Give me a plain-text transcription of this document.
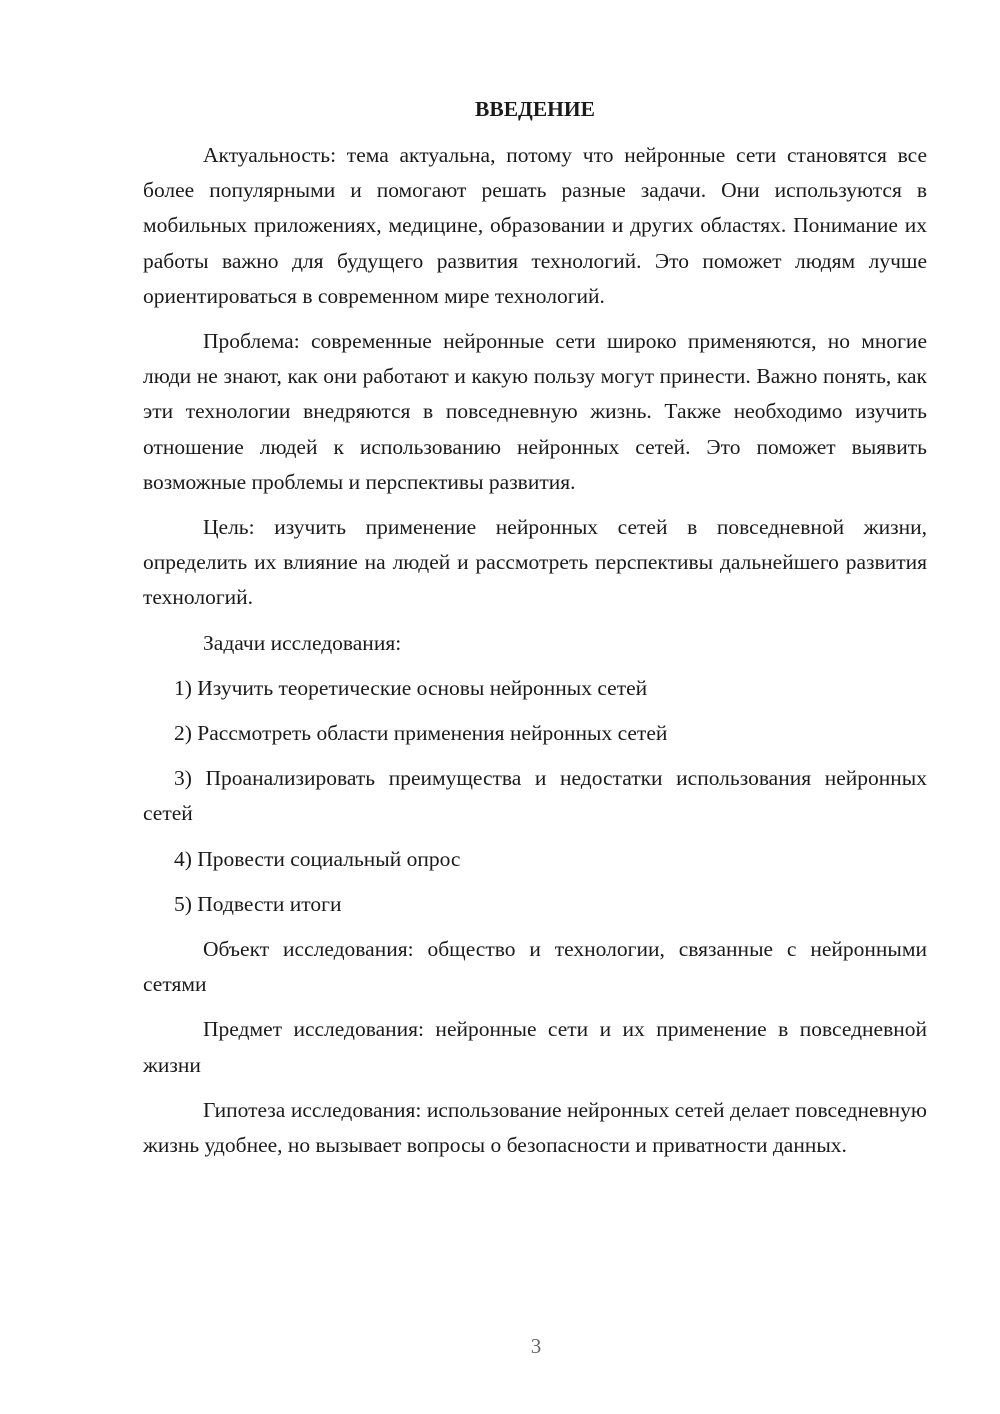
ВВЕДЕНИЕ

Актуальность: тема актуальна, потому что нейронные сети становятся все более популярными и помогают решать разные задачи. Они используются в мобильных приложениях, медицине, образовании и других областях. Понимание их работы важно для будущего развития технологий. Это поможет людям лучше ориентироваться в современном мире технологий.

Проблема: современные нейронные сети широко применяются, но многие люди не знают, как они работают и какую пользу могут принести. Важно понять, как эти технологии внедряются в повседневную жизнь. Также необходимо изучить отношение людей к использованию нейронных сетей. Это поможет выявить возможные проблемы и перспективы развития.

Цель: изучить применение нейронных сетей в повседневной жизни, определить их влияние на людей и рассмотреть перспективы дальнейшего развития технологий.

Задачи исследования:

1) Изучить теоретические основы нейронных сетей

2) Рассмотреть области применения нейронных сетей

3) Проанализировать преимущества и недостатки использования нейронных сетей

4) Провести социальный опрос

5) Подвести итоги

Объект исследования: общество и технологии, связанные с нейронными сетями

Предмет исследования: нейронные сети и их применение в повседневной жизни

Гипотеза исследования: использование нейронных сетей делает повседневную жизнь удобнее, но вызывает вопросы о безопасности и приватности данных.

3
